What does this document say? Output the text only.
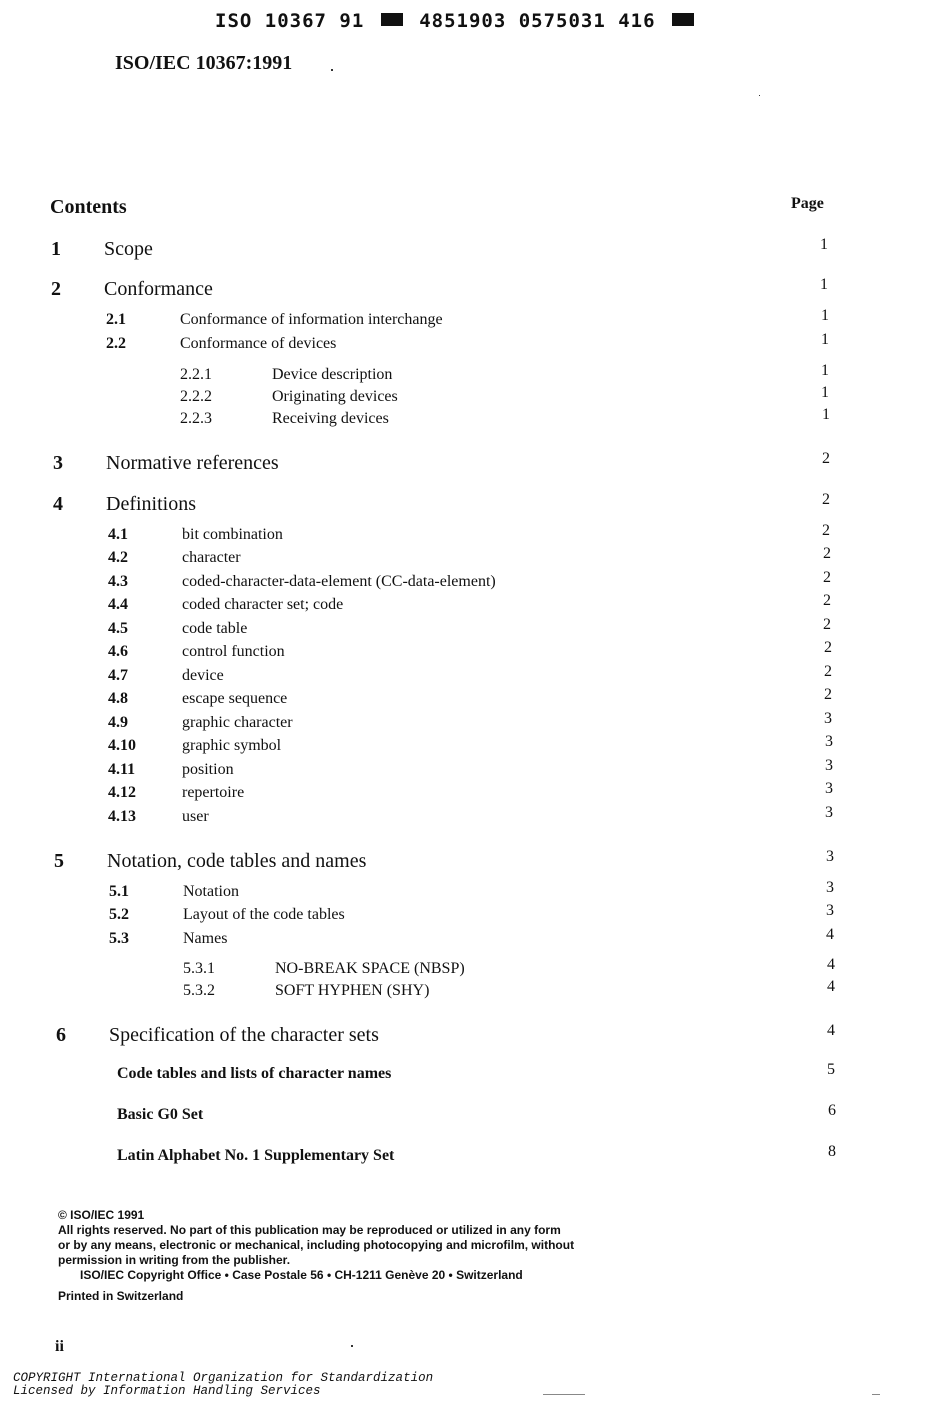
ISO 10367 91	4851903 0575031 416
ISO/IEC 10367:1991
Contents	Page
1 Scope	1
2 Conformance	1
2.1	Conformance of information interchange	1
2.2	Conformance of devices	1
2.2.1	Device description	1
2.2.2	Originating devices	1
2.2.3	Receiving devices	1
3 Normative references	2
4 Definitions	2
4.1	bit combination	2
4.2	character	2
4.3	coded-character-data-element (CC-data-element)	2
4.4	coded character set; code	2
4.5	code table	2
4.6	control function	2
4.7	device	2
4.8	escape sequence	2
4.9	graphic character	3
4.10	graphic symbol	3
4.11	position	3
4.12	repertoire	3
4.13	user	3
5 Notation, code tables and names	3
5.1	Notation	3
5.2	Layout of the code tables	3
5.3	Names	4
5.3.1	NO-BREAK SPACE (NBSP)	4
5.3.2	SOFT HYPHEN (SHY)	4
6 Specification of the character sets	4
Code tables and lists of character names	5
Basic G0 Set	6
Latin Alphabet No. 1 Supplementary Set	8
© ISO/IEC 1991
All rights reserved. No part of this publication may be reproduced or utilized in any form
or by any means, electronic or mechanical, including photocopying and microfilm, without
permission in writing from the publisher.
ISO/IEC Copyright Office • Case Postale 56 • CH-1211 Genève 20 • Switzerland
Printed in Switzerland
ii
COPYRIGHT International Organization for Standardization
Licensed by Information Handling Services
